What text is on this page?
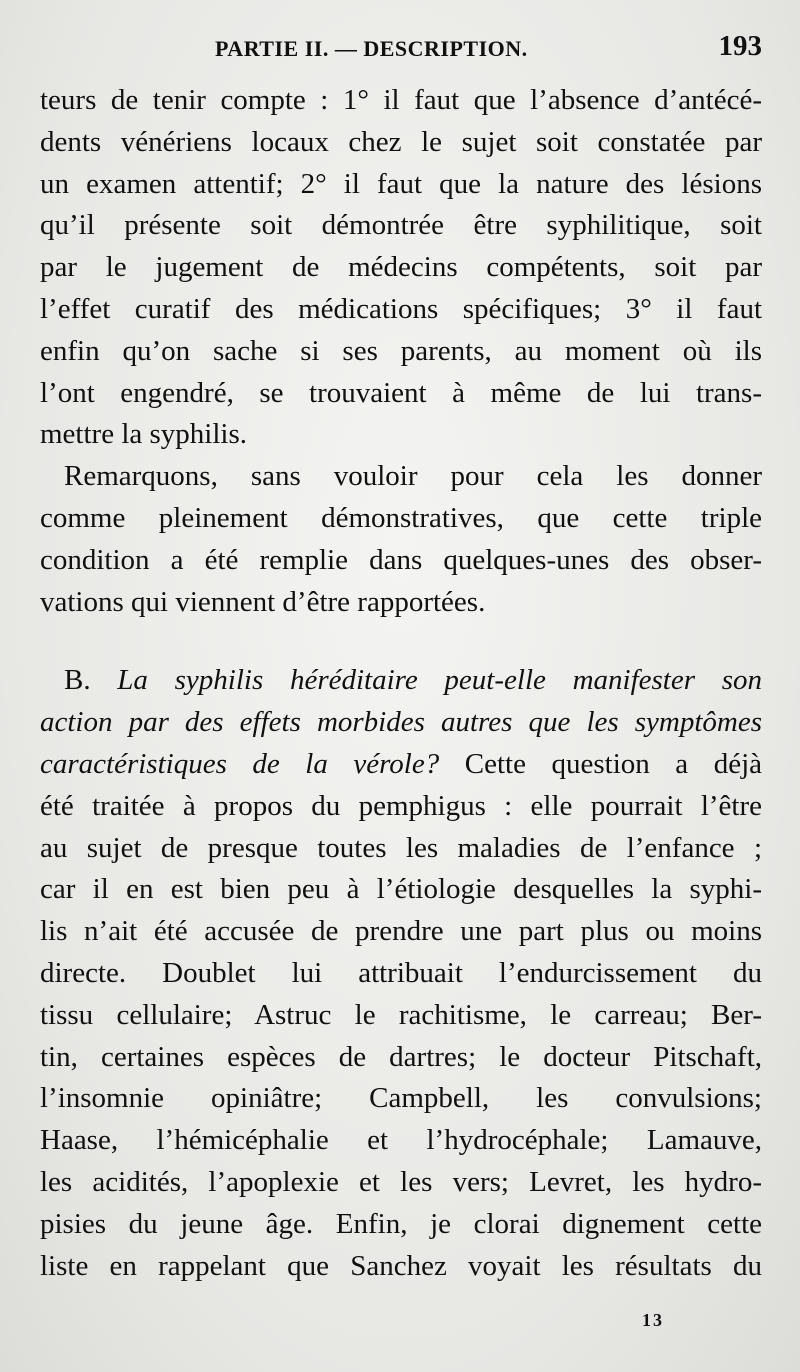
PARTIE II. — DESCRIPTION.	193

teurs de tenir compte : 1° il faut que l’absence d’antécé-
dents vénériens locaux chez le sujet soit constatée par
un examen attentif; 2° il faut que la nature des lésions
qu’il présente soit démontrée être syphilitique, soit
par le jugement de médecins compétents, soit par
l’effet curatif des médications spécifiques; 3° il faut
enfin qu’on sache si ses parents, au moment où ils
l’ont engendré, se trouvaient à même de lui trans-
mettre la syphilis.

Remarquons, sans vouloir pour cela les donner
comme pleinement démonstratives, que cette triple
condition a été remplie dans quelques-unes des obser-
vations qui viennent d’être rapportées.

B. La syphilis héréditaire peut-elle manifester son
action par des effets morbides autres que les symptômes
caractéristiques de la vérole? Cette question a déjà
été traitée à propos du pemphigus : elle pourrait l’être
au sujet de presque toutes les maladies de l’enfance ;
car il en est bien peu à l’étiologie desquelles la syphi-
lis n’ait été accusée de prendre une part plus ou moins
directe. Doublet lui attribuait l’endurcissement du
tissu cellulaire; Astruc le rachitisme, le carreau; Ber-
tin, certaines espèces de dartres; le docteur Pitschaft,
l’insomnie opiniâtre; Campbell, les convulsions;
Haase, l’hémicéphalie et l’hydrocéphale; Lamauve,
les acidités, l’apoplexie et les vers; Levret, les hydro-
pisies du jeune âge. Enfin, je clorai dignement cette
liste en rappelant que Sanchez voyait les résultats du

13
